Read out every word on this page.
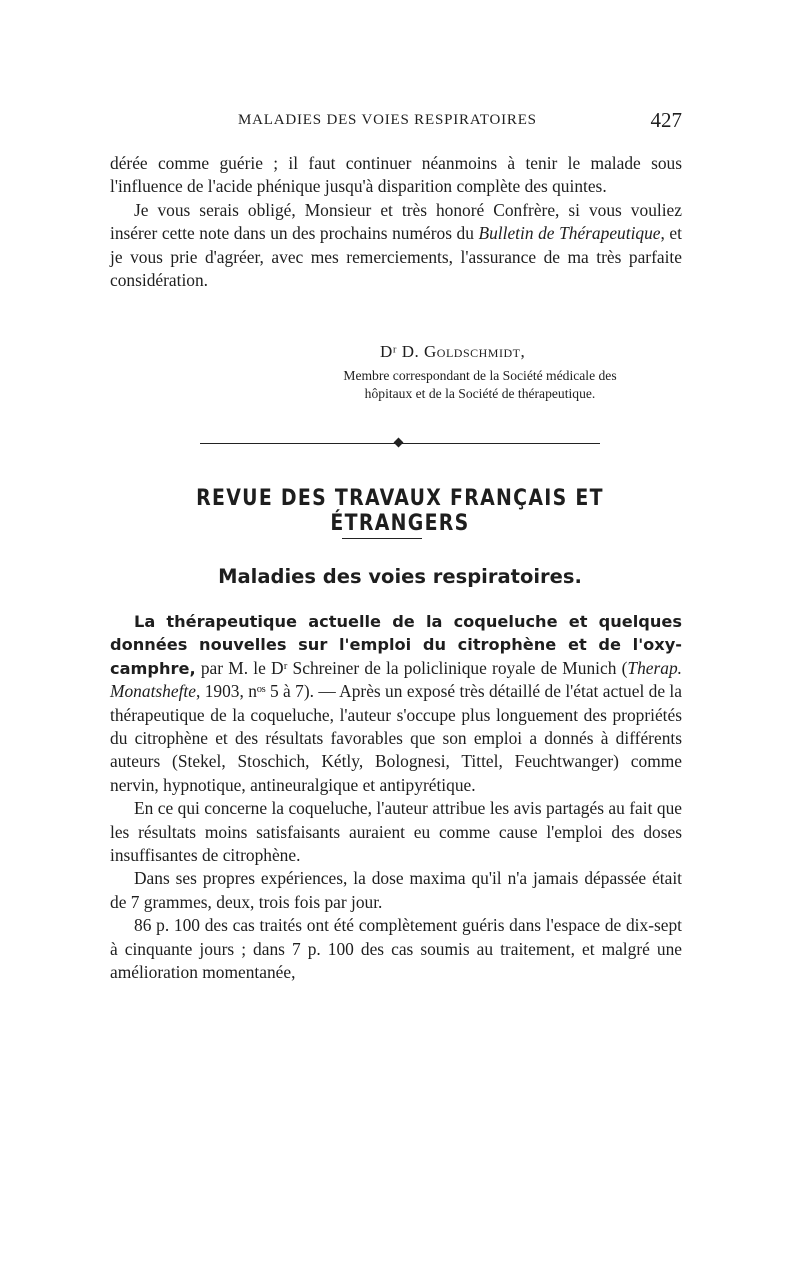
MALADIES DES VOIES RESPIRATOIRES	427

dérée comme guérie ; il faut continuer néanmoins à tenir le malade sous l'influence de l'acide phénique jusqu'à disparition complète des quintes.

Je vous serais obligé, Monsieur et très honoré Confrère, si vous vouliez insérer cette note dans un des prochains numéros du Bulletin de Thérapeutique, et je vous prie d'agréer, avec mes remerciements, l'assurance de ma très parfaite considération.

Dʳ D. Goldschmidt,
Membre correspondant de la Société médicale des
hôpitaux et de la Société de thérapeutique.
REVUE DES TRAVAUX FRANÇAIS ET ÉTRANGERS
Maladies des voies respiratoires.

La thérapeutique actuelle de la coqueluche et quelques données nouvelles sur l'emploi du citrophène et de l'oxy-camphre, par M. le Dʳ Schreiner de la policlinique royale de Munich (Therap. Monatshefte, 1903, nᵒˢ 5 à 7). — Après un exposé très détaillé de l'état actuel de la thérapeutique de la coqueluche, l'auteur s'occupe plus longuement des propriétés du citrophène et des résultats favorables que son emploi a donnés à différents auteurs (Stekel, Stoschich, Kétly, Bolognesi, Tittel, Feuchtwanger) comme nervin, hypnotique, antineuralgique et antipyrétique.

En ce qui concerne la coqueluche, l'auteur attribue les avis partagés au fait que les résultats moins satisfaisants auraient eu comme cause l'emploi des doses insuffisantes de citrophène.

Dans ses propres expériences, la dose maxima qu'il n'a jamais dépassée était de 7 grammes, deux, trois fois par jour.

86 p. 100 des cas traités ont été complètement guéris dans l'espace de dix-sept à cinquante jours ; dans 7 p. 100 des cas soumis au traitement, et malgré une amélioration momentanée,
